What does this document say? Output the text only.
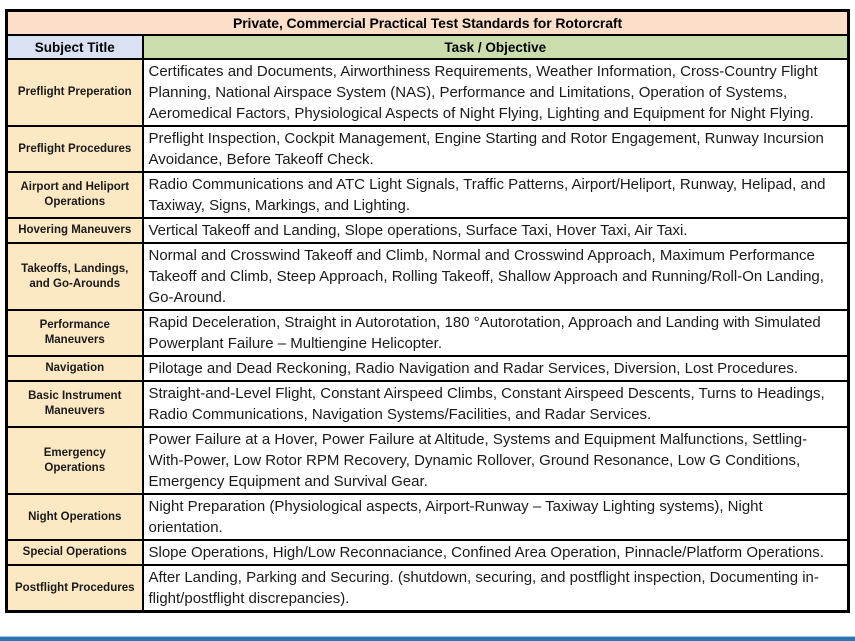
Private, Commercial Practical Test Standards for Rotorcraft	
Subject Title	Task / Objective
Preflight Preperation	Certificates and Documents, Airworthiness Requirements, Weather Information, Cross-Country Flight Planning, National Airspace System (NAS), Performance and Limitations, Operation of Systems, Aeromedical Factors, Physiological Aspects of Night Flying, Lighting and Equipment for Night Flying.
Preflight Procedures	Preflight Inspection, Cockpit Management, Engine Starting and Rotor Engagement, Runway Incursion Avoidance, Before Takeoff Check.
Airport and Heliport Operations	Radio Communications and ATC Light Signals, Traffic Patterns, Airport/Heliport, Runway, Helipad, and Taxiway, Signs, Markings, and Lighting.
Hovering Maneuvers	Vertical Takeoff and Landing, Slope operations, Surface Taxi, Hover Taxi, Air Taxi.
Takeoffs, Landings, and Go-Arounds	Normal and Crosswind Takeoff and Climb, Normal and Crosswind Approach, Maximum Performance Takeoff and Climb, Steep Approach, Rolling Takeoff, Shallow Approach and Running/Roll-On Landing, Go-Around.
Performance Maneuvers	Rapid Deceleration, Straight in Autorotation, 180 °Autorotation, Approach and Landing with Simulated Powerplant Failure – Multiengine Helicopter.
Navigation	Pilotage and Dead Reckoning, Radio Navigation and Radar Services, Diversion, Lost Procedures.
Basic Instrument Maneuvers	Straight-and-Level Flight, Constant Airspeed Climbs, Constant Airspeed Descents, Turns to Headings, Radio Communications, Navigation Systems/Facilities, and Radar Services.
Emergency Operations	Power Failure at a Hover, Power Failure at Altitude, Systems and Equipment Malfunctions, Settling-With-Power, Low Rotor RPM Recovery, Dynamic Rollover, Ground Resonance, Low G Conditions, Emergency Equipment and Survival Gear.
Night Operations	Night Preparation (Physiological aspects, Airport-Runway – Taxiway Lighting systems), Night orientation.
Special Operations	Slope Operations, High/Low Reconnaciance, Confined Area Operation, Pinnacle/Platform Operations.
Postflight Procedures	After Landing, Parking and Securing. (shutdown, securing, and postflight inspection, Documenting in-flight/postflight discrepancies).
